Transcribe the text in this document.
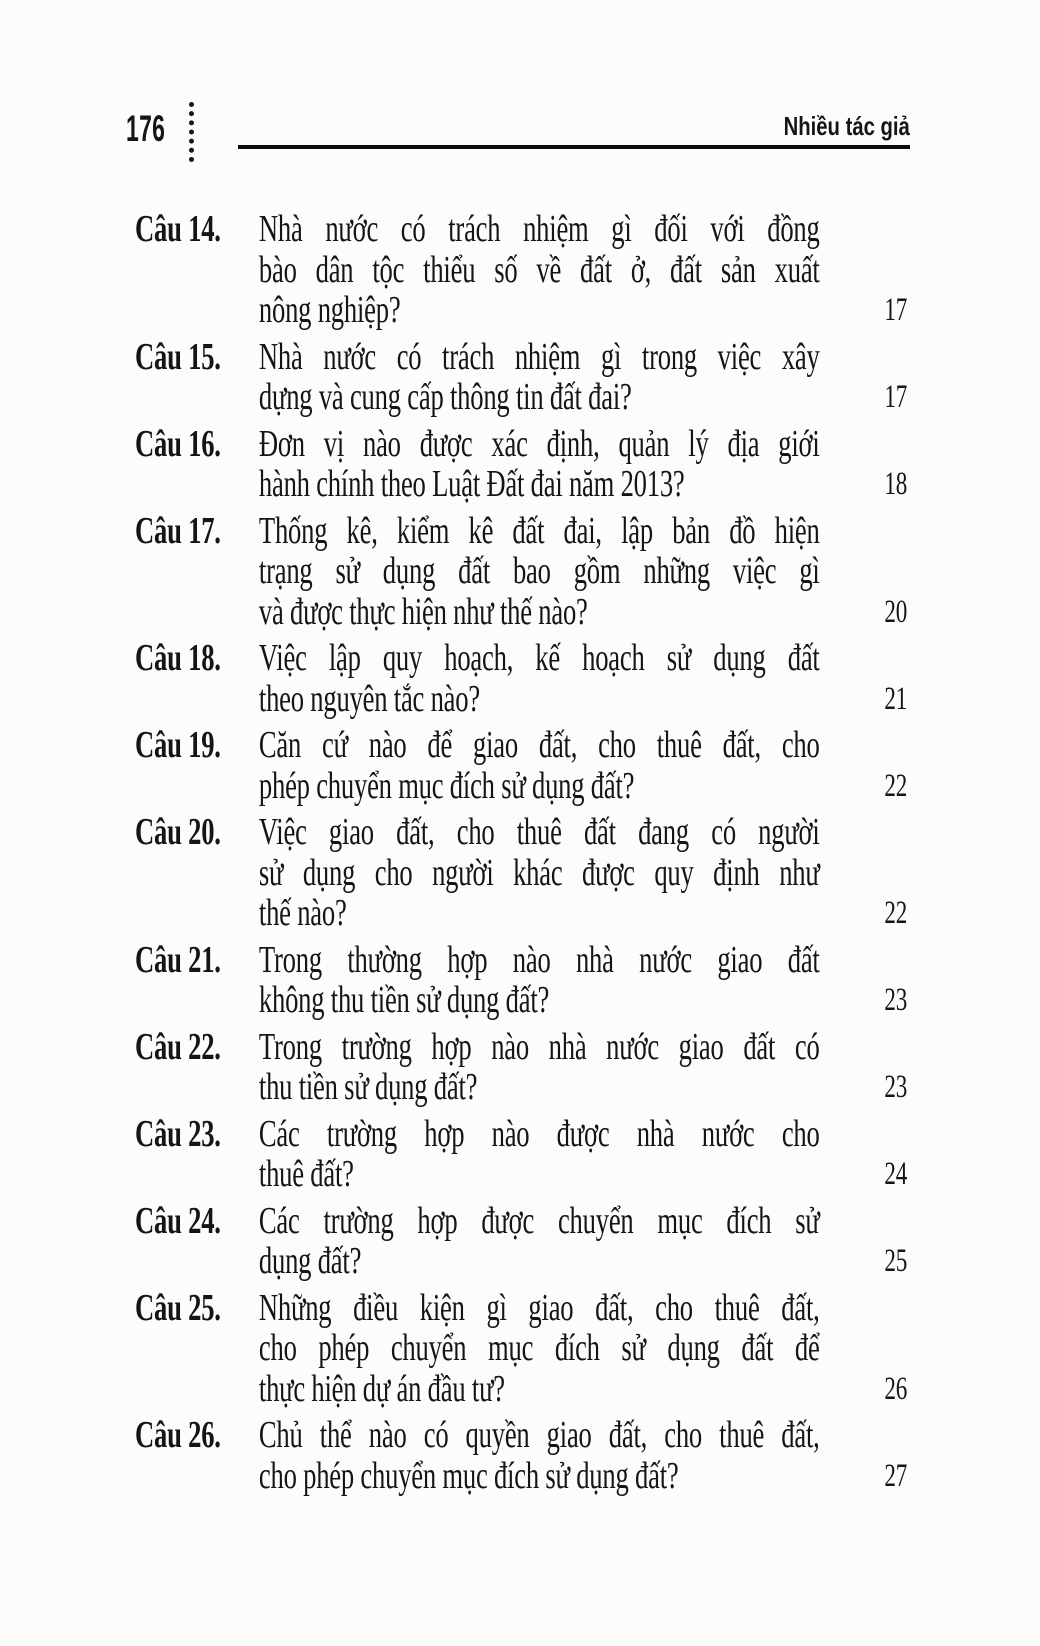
176	Nhiều tác giả
Câu 14.	Nhà nước có trách nhiệm gì đối với đồng
bào dân tộc thiểu số về đất ở, đất sản xuất
nông nghiệp?	17
Câu 15.	Nhà nước có trách nhiệm gì trong việc xây
dựng và cung cấp thông tin đất đai?	17
Câu 16.	Đơn vị nào được xác định, quản lý địa giới
hành chính theo Luật Đất đai năm 2013?	18
Câu 17.	Thống kê, kiểm kê đất đai, lập bản đồ hiện
trạng sử dụng đất bao gồm những việc gì
và được thực hiện như thế nào?	20
Câu 18.	Việc lập quy hoạch, kế hoạch sử dụng đất
theo nguyên tắc nào?	21
Câu 19.	Căn cứ nào để giao đất, cho thuê đất, cho
phép chuyển mục đích sử dụng đất?	22
Câu 20.	Việc giao đất, cho thuê đất đang có người
sử dụng cho người khác được quy định như
thế nào?	22
Câu 21.	Trong thường hợp nào nhà nước giao đất
không thu tiền sử dụng đất?	23
Câu 22.	Trong trường hợp nào nhà nước giao đất có
thu tiền sử dụng đất?	23
Câu 23.	Các trường hợp nào được nhà nước cho
thuê đất?	24
Câu 24.	Các trường hợp được chuyển mục đích sử
dụng đất?	25
Câu 25.	Những điều kiện gì giao đất, cho thuê đất,
cho phép chuyển mục đích sử dụng đất để
thực hiện dự án đầu tư?	26
Câu 26.	Chủ thể nào có quyền giao đất, cho thuê đất,
cho phép chuyển mục đích sử dụng đất?	27
